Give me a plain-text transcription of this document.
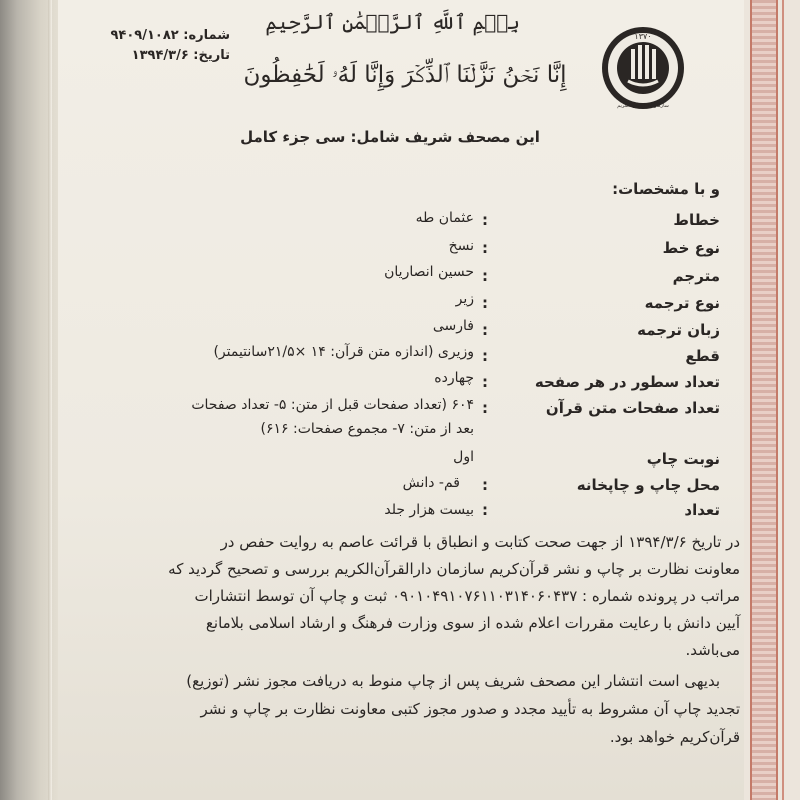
بِسۡمِ ٱللَّهِ ٱلرَّحۡمَٰنِ ٱلرَّحِيمِ
إِنَّا نَحۡنُ نَزَّلۡنَا ٱلذِّكۡرَ وَإِنَّا لَهُۥ لَحَٰفِظُونَ
شماره: ۹۴۰۹/۱۰۸۲
تاریخ: ۱۳۹۴/۳/۶
۱۳۷۰
سازمان دارالقرآن الکریم
این مصحف شریف شامل: سی جزء کامل
و با مشخصات:
خطاط
:
عثمان طه
نوع خط
:
نسخ
مترجم
:
حسین انصاریان
نوع ترجمه
:
زیر
زبان ترجمه
:
فارسی
قطع
:
وزیری (اندازه متن قرآن: ۱۴ ×۲۱/۵سانتیمتر)
تعداد سطور در هر صفحه
:
چهارده
تعداد صفحات متن قرآن
:
۶۰۴ (تعداد صفحات قبل از متن: ۵- تعداد صفحات
بعد از متن: ۷- مجموع صفحات: ۶۱۶)
نوبت چاپ
اول
محل چاپ و چاپخانه
:
قم- دانش
تعداد
:
بیست هزار جلد
در تاریخ ۱۳۹۴/۳/۶ از جهت صحت کتابت و انطباق با قرائت عاصم به روایت حفص در
معاونت نظارت بر چاپ و نشر قرآن‌کریم سازمان دارالقرآن‌الکریم بررسی و تصحیح گردید که
مراتب در پرونده شماره : ۰۹۰۱۰۴۹۱۰۷۶۱۱۰۳۱۴۰۶۰۴۳۷ ثبت و چاپ آن توسط انتشارات
آیین دانش با رعایت مقررات اعلام شده از سوی وزارت فرهنگ و ارشاد اسلامی بلامانع
می‌باشد.
بدیهی است انتشار این مصحف شریف پس از چاپ منوط به دریافت مجوز نشر (توزیع)
تجدید چاپ آن مشروط به تأیید مجدد و صدور مجوز کتبی معاونت نظارت بر چاپ و نشر
قرآن‌کریم خواهد بود.
